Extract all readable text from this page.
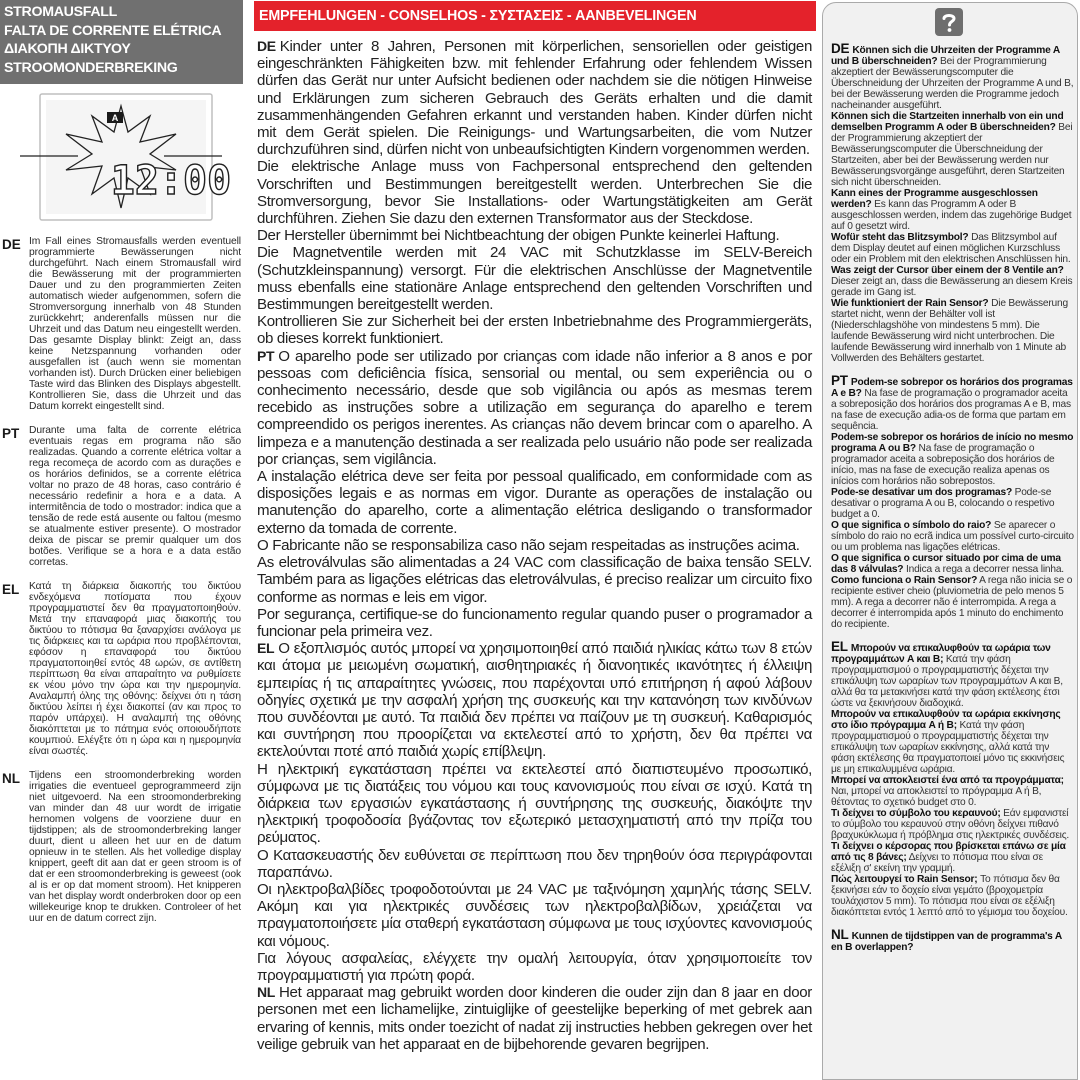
STROMAUSFALL
FALTA DE CORRENTE ELÉTRICA
ΔΙΑΚΟΠΗ ΔΙΚΤΥΟΥ
STROOMONDERBREKING
A
12:00
DE Im Fall eines Stromausfalls werden eventuell programmierte Bewässerungen nicht durchgeführt. Nach einem Stromausfall wird die Bewässerung mit der programmierten Dauer und zu den programmierten Zeiten automatisch wieder aufgenommen, sofern die Stromversorgung innerhalb von 48 Stunden zurückkehrt; anderenfalls müssen nur die Uhrzeit und das Datum neu eingestellt werden. Das gesamte Display blinkt: Zeigt an, dass keine Netzspannung vorhanden oder ausgefallen ist (auch wenn sie momentan vorhanden ist). Durch Drücken einer beliebigen Taste wird das Blinken des Displays abgestellt. Kontrollieren Sie, dass die Uhrzeit und das Datum korrekt eingestellt sind.

PT Durante uma falta de corrente elétrica eventuais regas em programa não são realizadas. Quando a corrente elétrica voltar a rega recomeça de acordo com as durações e os horários definidos, se a corrente elétrica voltar no prazo de 48 horas, caso contrário é necessário redefinir a hora e a data. A intermitência de todo o mostrador: indica que a tensão de rede está ausente ou faltou (mesmo se atualmente estiver presente). O mostrador deixa de piscar se premir qualquer um dos botões. Verifique se a hora e a data estão corretas.

EL Κατά τη διάρκεια διακοπής του δικτύου ενδεχόμενα ποτίσματα που έχουν προγραμματιστεί δεν θα πραγματοποιηθούν. Μετά την επαναφορά μιας διακοπής του δικτύου το πότισμα θα ξαναρχίσει ανάλογα με τις διάρκειες και τα ωράρια που προβλέπονται, εφόσον η επαναφορά του δικτύου πραγματοποιηθεί εντός 48 ωρών, σε αντίθετη περίπτωση θα είναι απαραίτητο να ρυθμίσετε εκ νέου μόνο την ώρα και την ημερομηνία. Αναλαμπή όλης της οθόνης: δείχνει ότι η τάση δικτύου λείπει ή έχει διακοπεί (αν και προς το παρόν υπάρχει). Η αναλαμπή της οθόνης διακόπτεται με το πάτημα ενός οποιουδήποτε κουμπιού. Ελέγξτε ότι η ώρα και η ημερομηνία είναι σωστές.

NL Tijdens een stroomonderbreking worden irrigaties die eventueel geprogrammeerd zijn niet uitgevoerd. Na een stroomonderbreking van minder dan 48 uur wordt de irrigatie hernomen volgens de voorziene duur en tijdstippen; als de stroomonderbreking langer duurt, dient u alleen het uur en de datum opnieuw in te stellen. Als het volledige display knippert, geeft dit aan dat er geen stroom is of dat er een stroomonderbreking is geweest (ook al is er op dat moment stroom). Het knipperen van het display wordt onderbroken door op een willekeurige knop te drukken. Controleer of het uur en de datum correct zijn.

EMPFEHLUNGEN - CONSELHOS - ΣΥΣΤΑΣΕΙΣ - AANBEVELINGEN

DE Kinder unter 8 Jahren, Personen mit körperlichen, sensoriellen oder geistigen eingeschränkten Fähigkeiten bzw. mit fehlender Erfahrung oder fehlendem Wissen dürfen das Gerät nur unter Aufsicht bedienen oder nachdem sie die nötigen Hinweise und Erklärungen zum sicheren Gebrauch des Geräts erhalten und die damit zusammenhängenden Gefahren erkannt und verstanden haben. Kinder dürfen nicht mit dem Gerät spielen. Die Reinigungs- und Wartungsarbeiten, die vom Nutzer durchzuführen sind, dürfen nicht von unbeaufsichtigten Kindern vorgenommen werden.

Die elektrische Anlage muss von Fachpersonal entsprechend den geltenden Vorschriften und Bestimmungen bereitgestellt werden. Unterbrechen Sie die Stromversorgung, bevor Sie Installations- oder Wartungstätigkeiten am Gerät durchführen. Ziehen Sie dazu den externen Transformator aus der Steckdose.

Der Hersteller übernimmt bei Nichtbeachtung der obigen Punkte keinerlei Haftung.

Die Magnetventile werden mit 24 VAC mit Schutzklasse im SELV-Bereich (Schutzkleinspannung) versorgt. Für die elektrischen Anschlüsse der Magnetventile muss ebenfalls eine stationäre Anlage entsprechend den geltenden Vorschriften und Bestimmungen bereitgestellt werden.

Kontrollieren Sie zur Sicherheit bei der ersten Inbetriebnahme des Programmiergeräts, ob dieses korrekt funktioniert.

PT O aparelho pode ser utilizado por crianças com idade não inferior a 8 anos e por pessoas com deficiência física, sensorial ou mental, ou sem experiência ou o conhecimento necessário, desde que sob vigilância ou após as mesmas terem recebido as instruções sobre a utilização em segurança do aparelho e terem compreendido os perigos inerentes. As crianças não devem brincar com o aparelho. A limpeza e a manutenção destinada a ser realizada pelo usuário não pode ser realizada por crianças, sem vigilância.

A instalação elétrica deve ser feita por pessoal qualificado, em conformidade com as disposições legais e as normas em vigor. Durante as operações de instalação ou manutenção do aparelho, corte a alimentação elétrica desligando o transformador externo da tomada de corrente.

O Fabricante não se responsabiliza caso não sejam respeitadas as instruções acima.

As eletroválvulas são alimentadas a 24 VAC com classificação de baixa tensão SELV. Também para as ligações elétricas das eletroválvulas, é preciso realizar um circuito fixo conforme as normas e leis em vigor.

Por segurança, certifique-se do funcionamento regular quando puser o programador a funcionar pela primeira vez.

EL Ο εξοπλισμός αυτός μπορεί να χρησιμοποιηθεί από παιδιά ηλικίας κάτω των 8 ετών και άτομα με μειωμένη σωματική, αισθητηριακές ή διανοητικές ικανότητες ή έλλειψη εμπειρίας ή τις απαραίτητες γνώσεις, που παρέχονται υπό επιτήρηση ή αφού λάβουν οδηγίες σχετικά με την ασφαλή χρήση της συσκευής και την κατανόηση των κινδύνων που συνδέονται με αυτό. Τα παιδιά δεν πρέπει να παίζουν με τη συσκευή. Καθαρισμός και συντήρηση που προορίζεται να εκτελεστεί από το χρήστη, δεν θα πρέπει να εκτελούνται ποτέ από παιδιά χωρίς επίβλεψη.

Η ηλεκτρική εγκατάσταση πρέπει να εκτελεστεί από διαπιστευμένο προσωπικό, σύμφωνα με τις διατάξεις του νόμου και τους κανονισμούς που είναι σε ισχύ. Κατά τη διάρκεια των εργασιών εγκατάστασης ή συντήρησης της συσκευής, διακόψτε την ηλεκτρική τροφοδοσία βγάζοντας τον εξωτερικό μετασχηματιστή από την πρίζα του ρεύματος.

Ο Κατασκευαστής δεν ευθύνεται σε περίπτωση που δεν τηρηθούν όσα περιγράφονται παραπάνω.

Οι ηλεκτροβαλβίδες τροφοδοτούνται με 24 VAC με ταξινόμηση χαμηλής τάσης SELV. Ακόμη και για ηλεκτρικές συνδέσεις των ηλεκτροβαλβίδων, χρειάζεται να πραγματοποιήσετε μία σταθερή εγκατάσταση σύμφωνα με τους ισχύοντες κανονισμούς και νόμους.

Για λόγους ασφαλείας, ελέγχετε την ομαλή λειτουργία, όταν χρησιμοποιείτε τον προγραμματιστή για πρώτη φορά.

NL Het apparaat mag gebruikt worden door kinderen die ouder zijn dan 8 jaar en door personen met een lichamelijke, zintuiglijke of geestelijke beperking of met gebrek aan ervaring of kennis, mits onder toezicht of nadat zij instructies hebben gekregen over het veilige gebruik van het apparaat en de bijbehorende gevaren begrijpen.

DE Können sich die Uhrzeiten der Programme A und B überschneiden? Bei der Programmierung akzeptiert der Bewässerungscomputer die Überschneidung der Uhrzeiten der Programme A und B, bei der Bewässerung werden die Programme jedoch nacheinander ausgeführt.

Können sich die Startzeiten innerhalb von ein und demselben Programm A oder B überschneiden? Bei der Programmierung akzeptiert der Bewässerungscomputer die Überschneidung der Startzeiten, aber bei der Bewässerung werden nur Bewässerungsvorgänge ausgeführt, deren Startzeiten sich nicht überschneiden.

Kann eines der Programme ausgeschlossen werden? Es kann das Programm A oder B ausgeschlossen werden, indem das zugehörige Budget auf 0 gesetzt wird.

Wofür steht das Blitzsymbol? Das Blitzsymbol auf dem Display deutet auf einen möglichen Kurzschluss oder ein Problem mit den elektrischen Anschlüssen hin.

Was zeigt der Cursor über einem der 8 Ventile an? Dieser zeigt an, dass die Bewässerung an diesem Kreis gerade im Gang ist.

Wie funktioniert der Rain Sensor? Die Bewässerung startet nicht, wenn der Behälter voll ist (Niederschlagshöhe von mindestens 5 mm). Die laufende Bewässerung wird nicht unterbrochen. Die laufende Bewässerung wird innerhalb von 1 Minute ab Vollwerden des Behälters gestartet.

PT Podem-se sobrepor os horários dos programas A e B? Na fase de programação o programador aceita a sobreposição dos horários dos programas A e B, mas na fase de execução adia-os de forma que partam em sequência.

Podem-se sobrepor os horários de início no mesmo programa A ou B? Na fase de programação o programador aceita a sobreposição dos horários de início, mas na fase de execução realiza apenas os inícios com horários não sobrepostos.

Pode-se desativar um dos programas? Pode-se desativar o programa A ou B, colocando o respetivo budget a 0.

O que significa o símbolo do raio? Se aparecer o símbolo do raio no ecrã indica um possível curto-circuito ou um problema nas ligações elétricas.

O que significa o cursor situado por cima de uma das 8 válvulas? Indica a rega a decorrer nessa linha.

Como funciona o Rain Sensor? A rega não inicia se o recipiente estiver cheio (pluviometria de pelo menos 5 mm). A rega a decorrer não é interrompida. A rega a decorrer é interrompida após 1 minuto do enchimento do recipiente.

EL Μπορούν να επικαλυφθούν τα ωράρια των προγραμμάτων A και B; Κατά την φάση προγραμματισμού ο προγραμματιστής δέχεται την επικάλυψη των ωραρίων των προγραμμάτων A και B, αλλά θα τα μετακινήσει κατά την φάση εκτέλεσης έτσι ώστε να ξεκινήσουν διαδοχικά.

Μπορούν να επικαλυφθούν τα ωράρια εκκίνησης στο ίδιο πρόγραμμα A ή B; Κατά την φάση προγραμματισμού ο προγραμματιστής δέχεται την επικάλυψη των ωραρίων εκκίνησης, αλλά κατά την φάση εκτέλεσης θα πραγματοποιεί μόνο τις εκκινήσεις με μη επικαλυμμένα ωράρια.

Μπορεί να αποκλειστεί ένα από τα προγράμματα; Ναι, μπορεί να αποκλειστεί το πρόγραμμα A ή B, θέτοντας το σχετικό budget στο 0.

Τι δείχνει το σύμβολο του κεραυνού; Εάν εμφανιστεί το σύμβολο του κεραυνού στην οθόνη δείχνει πιθανό βραχυκύκλωμα ή πρόβλημα στις ηλεκτρικές συνδέσεις.

Τι δείχνει ο κέρσορας που βρίσκεται επάνω σε μία από τις 8 βάνες; Δείχνει το πότισμα που είναι σε εξέλιξη σ' εκείνη την γραμμή.

Πώς λειτουργεί το Rain Sensor; Το πότισμα δεν θα ξεκινήσει εάν το δοχείο είναι γεμάτο (βροχομετρία τουλάχιστον 5 mm). Το πότισμα που είναι σε εξέλιξη διακόπτεται εντός 1 λεπτό από το γέμισμα του δοχείου.

NL Kunnen de tijdstippen van de programma's A en B overlappen?
